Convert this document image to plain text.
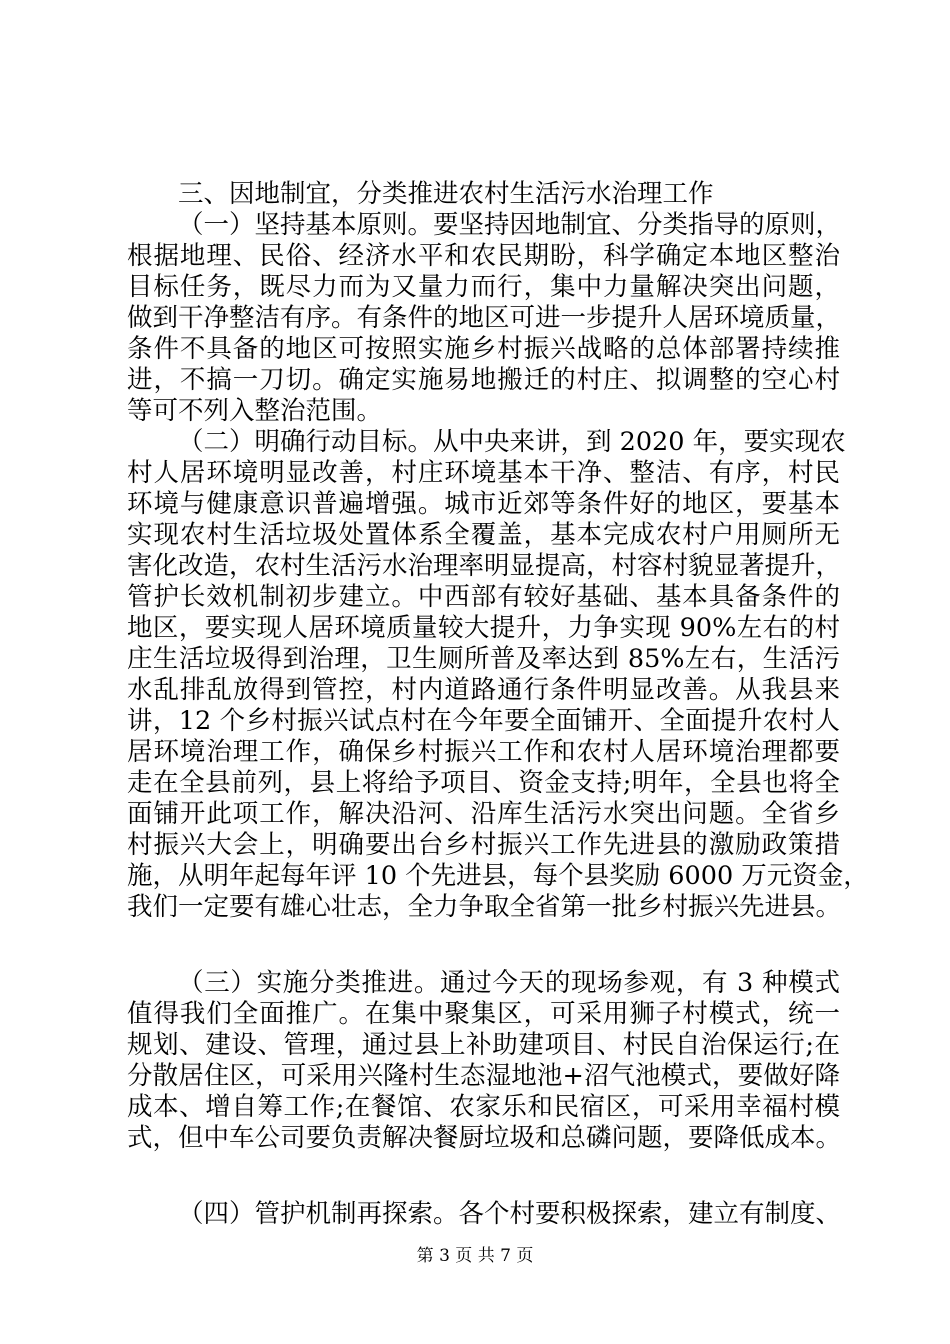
三、因地制宜，分类推进农村生活污水治理工作
（一）坚持基本原则。要坚持因地制宜、分类指导的原则，
根据地理、民俗、经济水平和农民期盼，科学确定本地区整治
目标任务，既尽力而为又量力而行，集中力量解决突出问题，
做到干净整洁有序。有条件的地区可进一步提升人居环境质量，
条件不具备的地区可按照实施乡村振兴战略的总体部署持续推
进，不搞一刀切。确定实施易地搬迁的村庄、拟调整的空心村
等可不列入整治范围。
（二）明确行动目标。从中央来讲，到 2020 年，要实现农
村人居环境明显改善，村庄环境基本干净、整洁、有序，村民
环境与健康意识普遍增强。城市近郊等条件好的地区，要基本
实现农村生活垃圾处置体系全覆盖，基本完成农村户用厕所无
害化改造，农村生活污水治理率明显提高，村容村貌显著提升，
管护长效机制初步建立。中西部有较好基础、基本具备条件的
地区，要实现人居环境质量较大提升，力争实现 90%左右的村
庄生活垃圾得到治理，卫生厕所普及率达到 85%左右，生活污
水乱排乱放得到管控，村内道路通行条件明显改善。从我县来
讲，12 个乡村振兴试点村在今年要全面铺开、全面提升农村人
居环境治理工作，确保乡村振兴工作和农村人居环境治理都要
走在全县前列，县上将给予项目、资金支持;明年，全县也将全
面铺开此项工作，解决沿河、沿库生活污水突出问题。全省乡
村振兴大会上，明确要出台乡村振兴工作先进县的激励政策措
施，从明年起每年评 10 个先进县，每个县奖励 6000 万元资金，
我们一定要有雄心壮志，全力争取全省第一批乡村振兴先进县。
（三）实施分类推进。通过今天的现场参观，有 3 种模式
值得我们全面推广。在集中聚集区，可采用狮子村模式，统一
规划、建设、管理，通过县上补助建项目、村民自治保运行;在
分散居住区，可采用兴隆村生态湿地池+沼气池模式，要做好降
成本、增自筹工作;在餐馆、农家乐和民宿区，可采用幸福村模
式，但中车公司要负责解决餐厨垃圾和总磷问题，要降低成本。
（四）管护机制再探索。各个村要积极探索，建立有制度、
第 3 页 共 7 页
